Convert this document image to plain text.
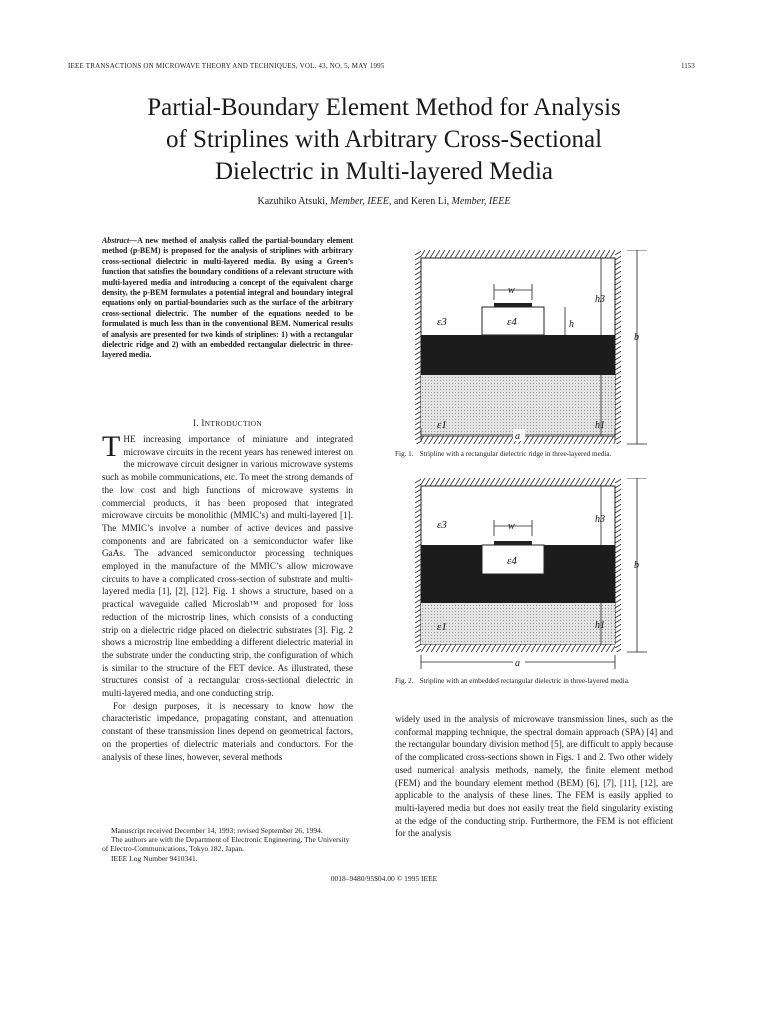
IEEE TRANSACTIONS ON MICROWAVE THEORY AND TECHNIQUES, VOL. 43, NO. 5, MAY 1995	1153
Partial-Boundary Element Method for Analysis
of Striplines with Arbitrary Cross-Sectional
Dielectric in Multi-layered Media
Kazuhiko Atsuki, Member, IEEE, and Keren Li, Member, IEEE
Abstract—A new method of analysis called the partial-boundary element method (p-BEM) is proposed for the analysis of striplines with arbitrary cross-sectional dielectric in multi-layered media. By using a Green’s function that satisfies the boundary conditions of a relevant structure with multi-layered media and introducing a concept of the equivalent charge density, the p-BEM formulates a potential integral and boundary integral equations only on partial-boundaries such as the surface of the arbitrary cross-sectional dielectric. The number of the equations needed to be formulated is much less than in the conventional BEM. Numerical results of analysis are presented for two kinds of striplines: 1) with a rectangular dielectric ridge and 2) with an embedded rectangular dielectric in three-layered media.
I. INTRODUCTION

THE increasing importance of miniature and integrated microwave circuits in the recent years has renewed interest on the microwave circuit designer in various microwave systems such as mobile communications, etc. To meet the strong demands of the low cost and high functions of microwave systems in commercial products, it has been proposed that integrated microwave circuits be monolithic (MMIC’s) and multi-layered [1]. The MMIC’s involve a number of active devices and passive components and are fabricated on a semiconductor wafer like GaAs. The advanced semiconductor processing techniques employed in the manufacture of the MMIC’s allow microwave circuits to have a complicated cross-section of substrate and multi-layered media [1], [2], [12]. Fig. 1 shows a structure, based on a practical waveguide called Microslab™ and proposed for loss reduction of the microstrip lines, which consists of a conducting strip on a dielectric ridge placed on dielectric substrates [3]. Fig. 2 shows a microstrip line embedding a different dielectric material in the substrate under the conducting strip, the configuration of which is similar to the structure of the FET device. As illustrated, these structures consist of a rectangular cross-sectional dielectric in multi-layered media, and one conducting strip.

For design purposes, it is necessary to know how the characteristic impedance, propagating constant, and attenuation constant of these transmission lines depend on geometrical factors, on the properties of dielectric materials and conductors. For the analysis of these lines, however, several methods

Manuscript received December 14, 1993; revised September 26, 1994.

The authors are with the Department of Electronic Engineering, The University of Electro-Communications, Tokyo 182, Japan.

IEEE Log Number 9410341.

w
h
h3
h1
b
ε3	ε4
ε1
a
Fig. 1. Stripline with a rectangular dielectric ridge in three-layered media.
w
h3
h1
b
ε3
ε4
ε1
a
Fig. 2. Stripline with an embedded rectangular dielectric in three-layered media.

widely used in the analysis of microwave transmission lines, such as the conformal mapping technique, the spectral domain approach (SPA) [4] and the rectangular boundary division method [5], are difficult to apply because of the complicated cross-sections shown in Figs. 1 and 2. Two other widely used numerical analysis methods, namely, the finite element method (FEM) and the boundary element method (BEM) [6], [7], [11], [12], are applicable to the analysis of these lines. The FEM is easily applied to multi-layered media but does not easily treat the field singularity existing at the edge of the conducting strip. Furthermore, the FEM is not efficient for the analysis

0018–9480/95$04.00 © 1995 IEEE
